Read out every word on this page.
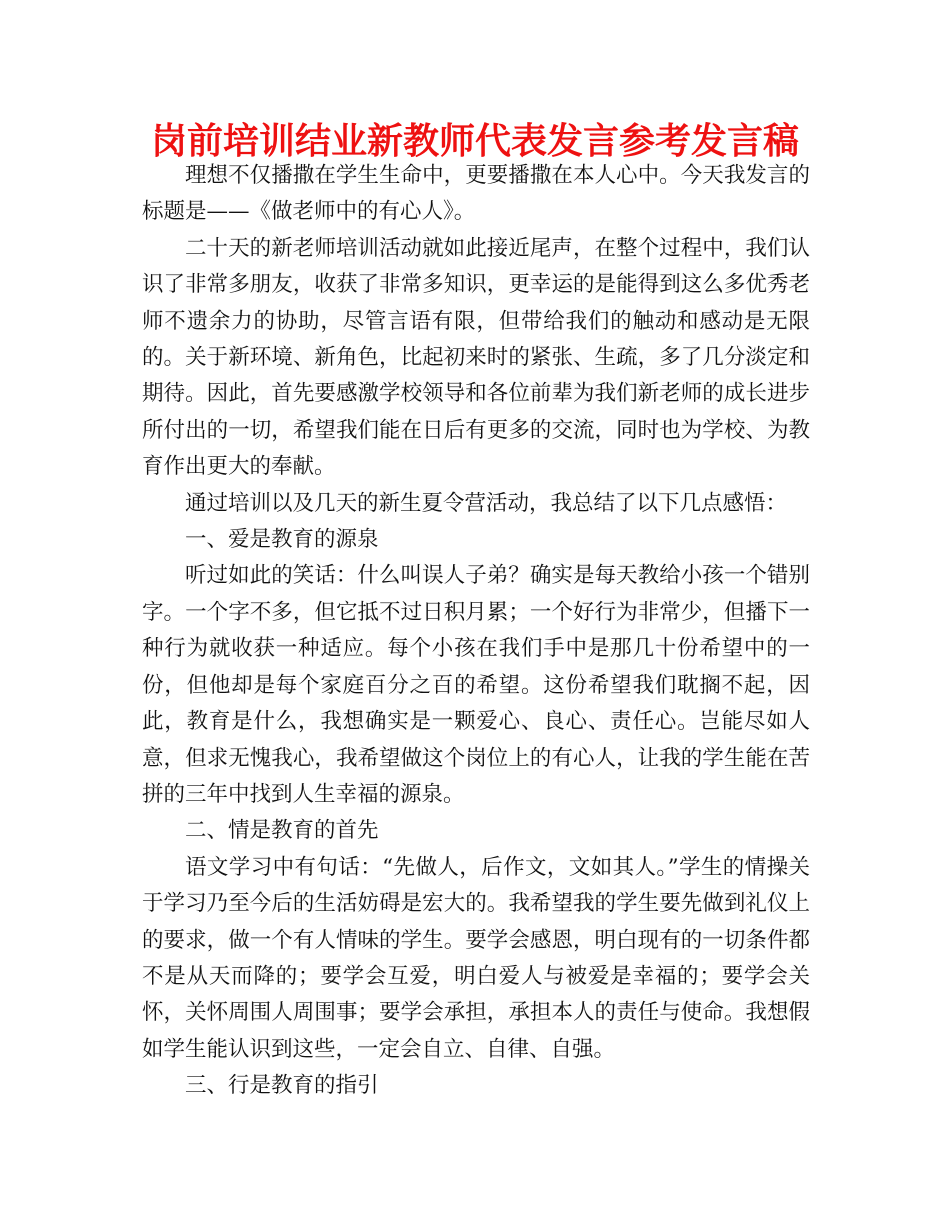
岗前培训结业新教师代表发言参考发言稿

理想不仅播撒在学生生命中，更要播撒在本人心中。今天我发言的标题是——《做老师中的有心人》。

二十天的新老师培训活动就如此接近尾声，在整个过程中，我们认识了非常多朋友，收获了非常多知识，更幸运的是能得到这么多优秀老师不遗余力的协助，尽管言语有限，但带给我们的触动和感动是无限的。关于新环境、新角色，比起初来时的紧张、生疏，多了几分淡定和期待。因此，首先要感激学校领导和各位前辈为我们新老师的成长进步所付出的一切，希望我们能在日后有更多的交流，同时也为学校、为教育作出更大的奉献。

通过培训以及几天的新生夏令营活动，我总结了以下几点感悟：

一、爱是教育的源泉

听过如此的笑话：什么叫误人子弟？确实是每天教给小孩一个错别字。一个字不多，但它抵不过日积月累；一个好行为非常少，但播下一种行为就收获一种适应。每个小孩在我们手中是那几十份希望中的一份，但他却是每个家庭百分之百的希望。这份希望我们耽搁不起，因此，教育是什么，我想确实是一颗爱心、良心、责任心。岂能尽如人意，但求无愧我心，我希望做这个岗位上的有心人，让我的学生能在苦拼的三年中找到人生幸福的源泉。

二、情是教育的首先

语文学习中有句话：“先做人，后作文，文如其人。”学生的情操关于学习乃至今后的生活妨碍是宏大的。我希望我的学生要先做到礼仪上的要求，做一个有人情味的学生。要学会感恩，明白现有的一切条件都不是从天而降的；要学会互爱，明白爱人与被爱是幸福的；要学会关怀，关怀周围人周围事；要学会承担，承担本人的责任与使命。我想假如学生能认识到这些，一定会自立、自律、自强。

三、行是教育的指引
